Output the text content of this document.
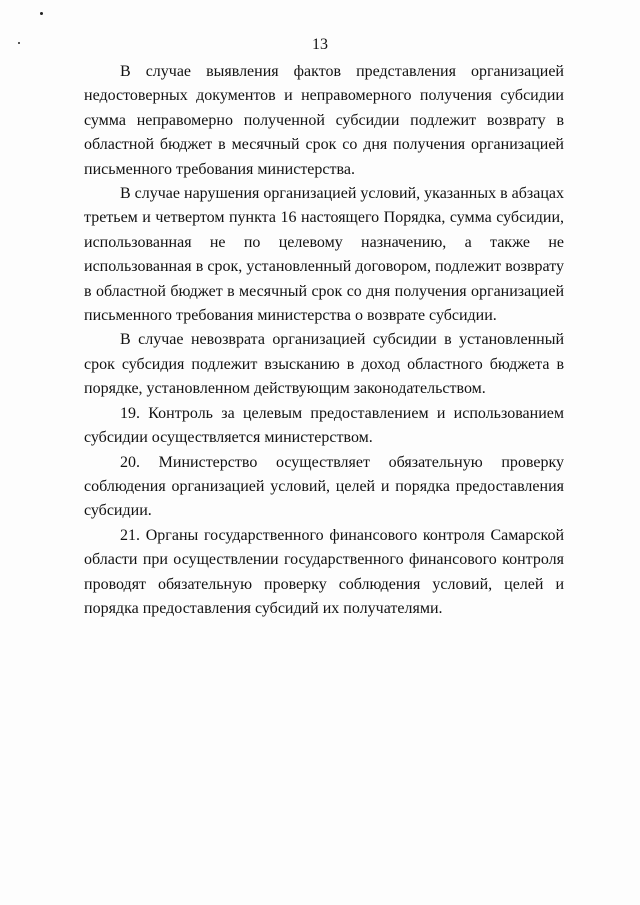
13

В случае выявления фактов представления организацией недостоверных документов и неправомерного получения субсидии сумма неправомерно полученной субсидии подлежит возврату в областной бюджет в месячный срок со дня получения организацией письменного требования министерства.

В случае нарушения организацией условий, указанных в абзацах третьем и четвертом пункта 16 настоящего Порядка, сумма субсидии, использованная не по целевому назначению, а также не использованная в срок, установленный договором, подлежит возврату в областной бюджет в месячный срок со дня получения организацией письменного требования министерства о возврате субсидии.

В случае невозврата организацией субсидии в установленный срок субсидия подлежит взысканию в доход областного бюджета в порядке, установленном действующим законодательством.

19. Контроль за целевым предоставлением и использованием субсидии осуществляется министерством.

20. Министерство осуществляет обязательную проверку соблюдения организацией условий, целей и порядка предоставления субсидии.

21. Органы государственного финансового контроля Самарской области при осуществлении государственного финансового контроля проводят обязательную проверку соблюдения условий, целей и порядка предоставления субсидий их получателями.
